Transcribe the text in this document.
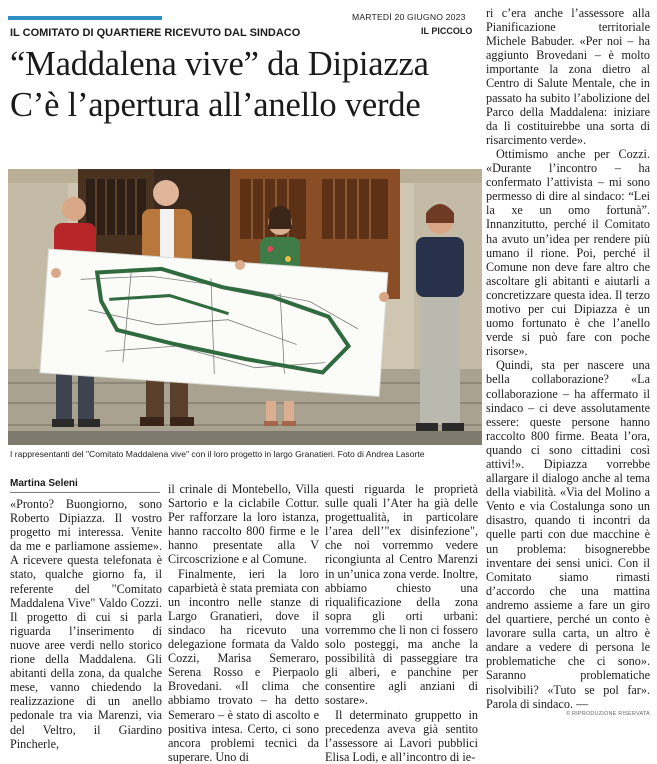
IL COMITATO DI QUARTIERE RICEVUTO DAL SINDACO
MARTEDÌ 20 GIUGNO 2023
IL PICCOLO
“Maddalena vive” da Dipiazza
C’è l’apertura all’anello verde
I rappresentanti del "Comitato Maddalena vive" con il loro progetto in largo Granatieri. Foto di Andrea Lasorte
Martina Seleni

«Pronto? Buongiorno, sono Roberto Dipiazza. Il vostro progetto mi interessa. Venite da me e parliamone assieme». A ricevere questa telefonata è stato, qualche giorno fa, il referente del "Comitato Maddalena Vive" Valdo Cozzi. Il progetto di cui si parla riguarda l’inserimento di nuove aree verdi nello storico rione della Maddalena. Gli abitanti della zona, da qualche mese, vanno chiedendo la realizzazione di un anello pedonale tra via Marenzi, via del Veltro, il Giardino Pincherle,

il crinale di Montebello, Villa Sartorio e la ciclabile Cottur. Per rafforzare la loro istanza, hanno raccolto 800 firme e le hanno presentate alla V Circoscrizione e al Comune.

Finalmente, ieri la loro caparbietà è stata premiata con un incontro nelle stanze di Largo Granatieri, dove il sindaco ha ricevuto una delegazione formata da Valdo Cozzi, Marisa Semeraro, Serena Rosso e Pierpaolo Brovedani. «Il clima che abbiamo trovato – ha detto Semeraro – è stato di ascolto e positiva intesa. Certo, ci sono ancora problemi tecnici da superare. Uno di

questi riguarda le proprietà sulle quali l’Ater ha già delle progettualità, in particolare l’area dell’"ex disinfezione", che noi vorremmo vedere ricongiunta al Centro Marenzi in un’unica zona verde. Inoltre, abbiamo chiesto una riqualificazione della zona sopra gli orti urbani: vorremmo che lì non ci fossero solo posteggi, ma anche la possibilità di passeggiare tra gli alberi, e panchine per consentire agli anziani di sostare».

Il determinato gruppetto in precedenza aveva già sentito l’assessore ai Lavori pubblici Elisa Lodi, e all’incontro di ie-

ri c’era anche l’assessore alla Pianificazione territoriale Michele Babuder. «Per noi – ha aggiunto Brovedani – è molto importante la zona dietro al Centro di Salute Mentale, che in passato ha subito l’abolizione del Parco della Maddalena: iniziare da lì costituirebbe una sorta di risarcimento verde».

Ottimismo anche per Cozzi. «Durante l’incontro – ha confermato l’attivista – mi sono permesso di dire al sindaco: “Lei la xe un omo fortunà”. Innanzitutto, perché il Comitato ha avuto un’idea per rendere più umano il rione. Poi, perché il Comune non deve fare altro che ascoltare gli abitanti e aiutarli a concretizzare questa idea. Il terzo motivo per cui Dipiazza è un uomo fortunato è che l’anello verde si può fare con poche risorse».

Quindi, sta per nascere una bella collaborazione? «La collaborazione – ha affermato il sindaco – ci deve assolutamente essere: queste persone hanno raccolto 800 firme. Beata l’ora, quando ci sono cittadini così attivi!». Dipiazza vorrebbe allargare il dialogo anche al tema della viabilità. «Via del Molino a Vento e via Costalunga sono un disastro, quando ti incontri da quelle parti con due macchine è un problema: bisognerebbe inventare dei sensi unici. Con il Comitato siamo rimasti d’accordo che una mattina andremo assieme a fare un giro del quartiere, perché un conto è lavorare sulla carta, un altro è andare a vedere di persona le problematiche che ci sono». Saranno problematiche risolvibili? «Tuto se pol far». Parola di sindaco. —

© RIPRODUZIONE RISERVATA
